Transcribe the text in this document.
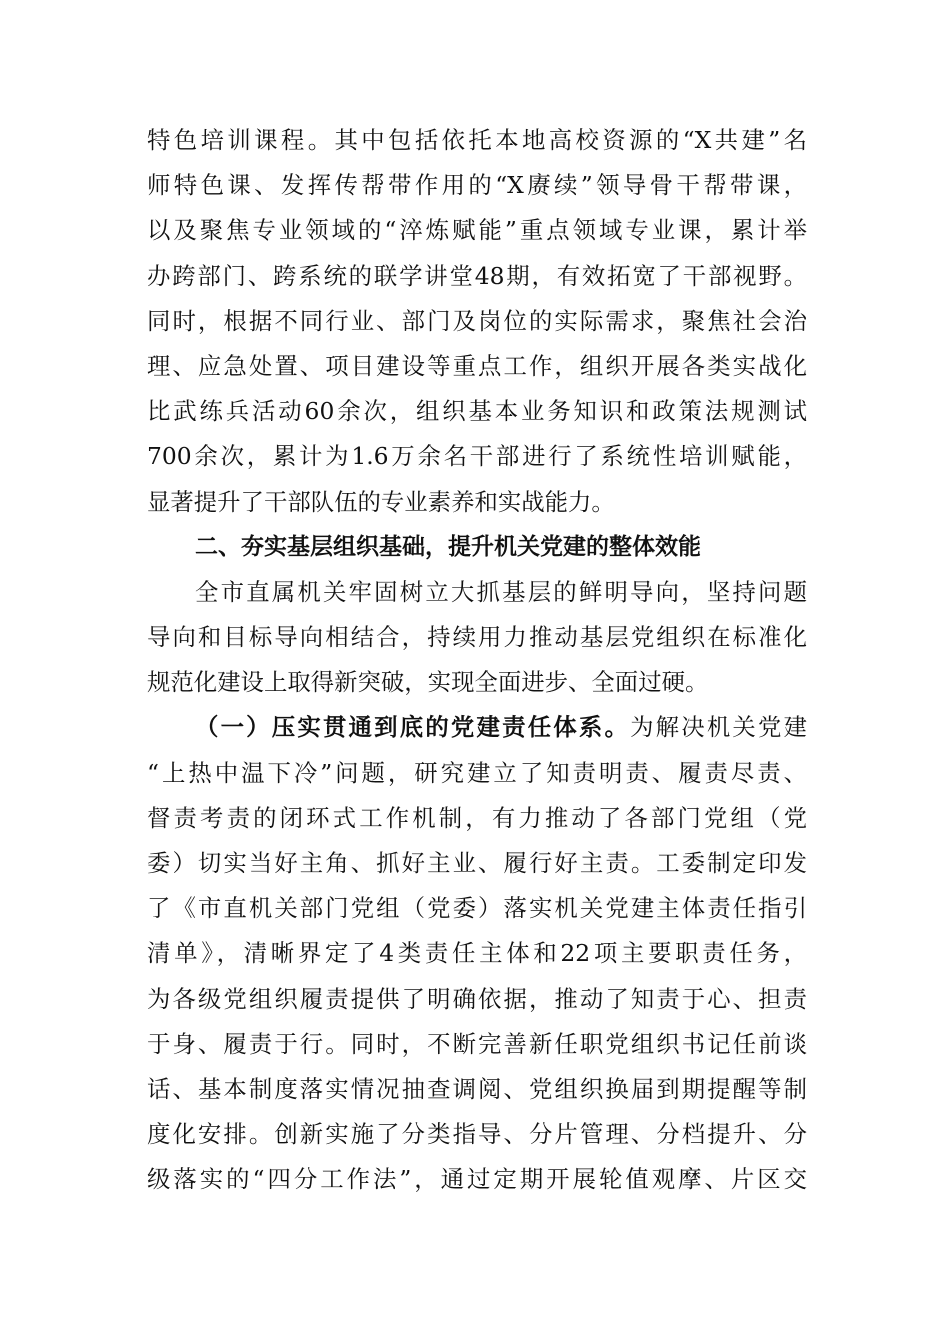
特色培训课程。其中包括依托本地高校资源的“X共建”名
师特色课、发挥传帮带作用的“X赓续”领导骨干帮带课，
以及聚焦专业领域的“淬炼赋能”重点领域专业课，累计举
办跨部门、跨系统的联学讲堂48期，有效拓宽了干部视野。
同时，根据不同行业、部门及岗位的实际需求，聚焦社会治
理、应急处置、项目建设等重点工作，组织开展各类实战化
比武练兵活动60余次，组织基本业务知识和政策法规测试
700余次，累计为1.6万余名干部进行了系统性培训赋能，
显著提升了干部队伍的专业素养和实战能力。
二、夯实基层组织基础，提升机关党建的整体效能
全市直属机关牢固树立大抓基层的鲜明导向，坚持问题
导向和目标导向相结合，持续用力推动基层党组织在标准化
规范化建设上取得新突破，实现全面进步、全面过硬。
（一）压实贯通到底的党建责任体系。为解决机关党建
“上热中温下冷”问题，研究建立了知责明责、履责尽责、
督责考责的闭环式工作机制，有力推动了各部门党组（党
委）切实当好主角、抓好主业、履行好主责。工委制定印发
了《市直机关部门党组（党委）落实机关党建主体责任指引
清单》，清晰界定了4类责任主体和22项主要职责任务，
为各级党组织履责提供了明确依据，推动了知责于心、担责
于身、履责于行。同时，不断完善新任职党组织书记任前谈
话、基本制度落实情况抽查调阅、党组织换届到期提醒等制
度化安排。创新实施了分类指导、分片管理、分档提升、分
级落实的“四分工作法”，通过定期开展轮值观摩、片区交
